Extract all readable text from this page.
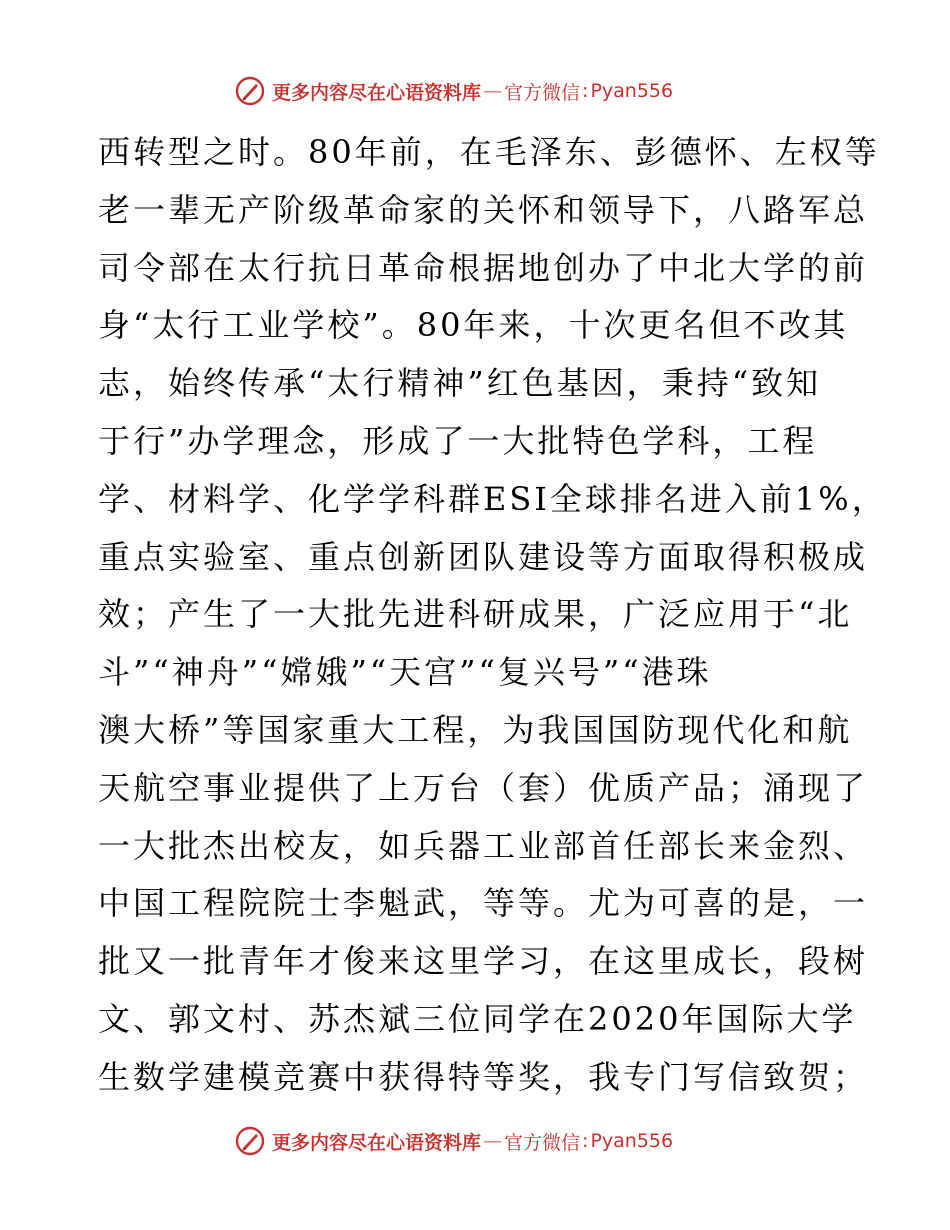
更多内容尽在心语资料库 — 官方微信 : Pyan556
西转型之时。80年前，在毛泽东、彭德怀、左权等
老一辈无产阶级革命家的关怀和领导下，八路军总
司令部在太行抗日革命根据地创办了中北大学的前
身“太行工业学校”。80年来，十次更名但不改其
志，始终传承“太行精神”红色基因，秉持“致知
于行”办学理念，形成了一大批特色学科，工程
学、材料学、化学学科群ESI全球排名进入前1%，
重点实验室、重点创新团队建设等方面取得积极成
效；产生了一大批先进科研成果，广泛应用于“北
斗”“神舟”“嫦娥”“天宫”“复兴号”“港珠
澳大桥”等国家重大工程，为我国国防现代化和航
天航空事业提供了上万台（套）优质产品；涌现了
一大批杰出校友，如兵器工业部首任部长来金烈、
中国工程院院士李魁武，等等。尤为可喜的是，一
批又一批青年才俊来这里学习，在这里成长，段树
文、郭文村、苏杰斌三位同学在2020年国际大学
生数学建模竞赛中获得特等奖，我专门写信致贺；
更多内容尽在心语资料库 — 官方微信 : Pyan556
